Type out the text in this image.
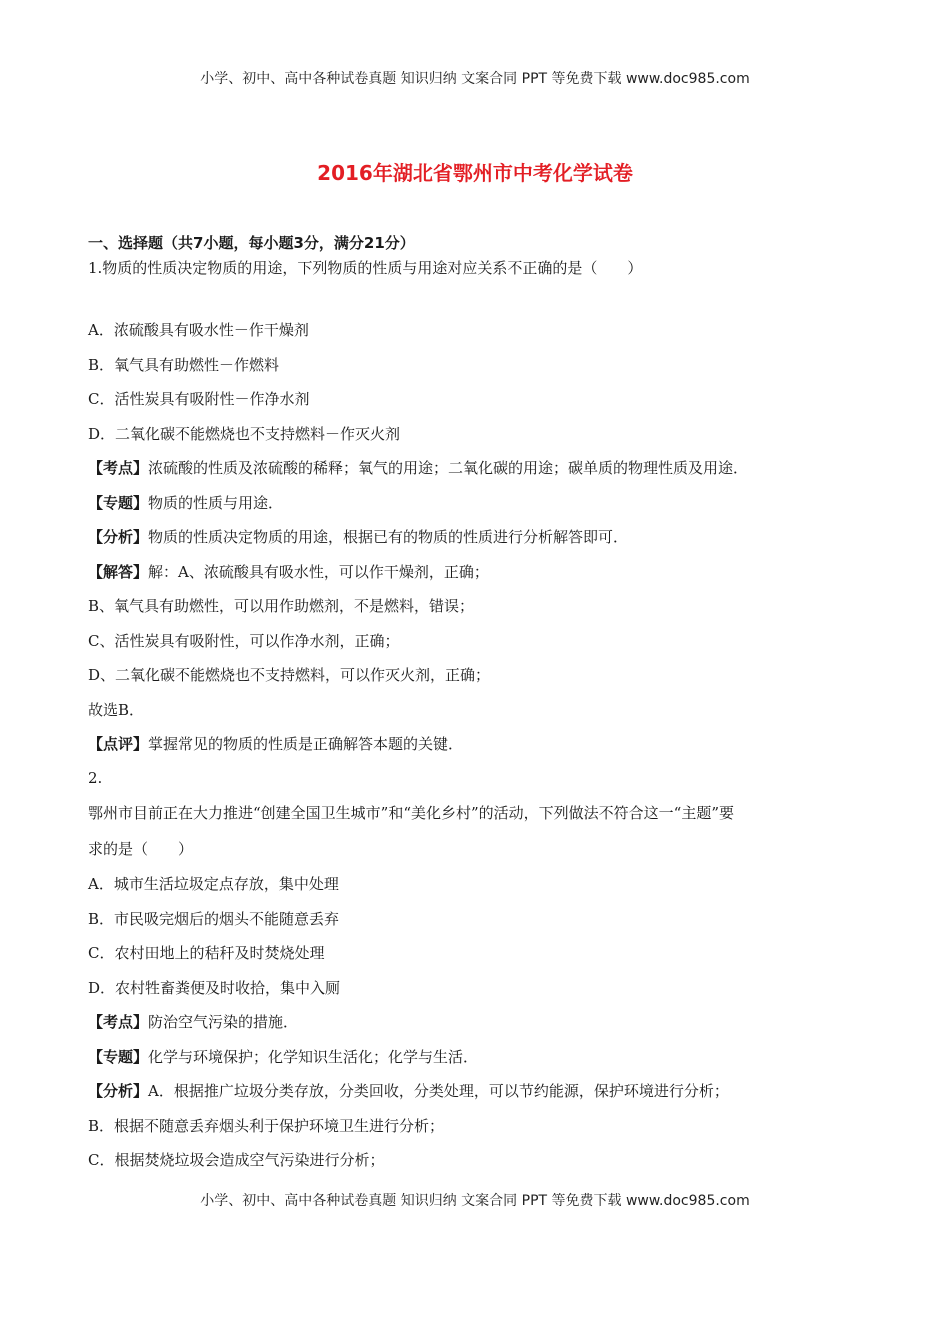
小学、初中、高中各种试卷真题 知识归纳 文案合同 PPT 等免费下载 www.doc985.com
2016年湖北省鄂州市中考化学试卷
一、选择题（共7小题，每小题3分，满分21分）
1.物质的性质决定物质的用途，下列物质的性质与用途对应关系不正确的是（　　）
A．浓硫酸具有吸水性－作干燥剂
B．氧气具有助燃性－作燃料
C．活性炭具有吸附性－作净水剂
D．二氧化碳不能燃烧也不支持燃料－作灭火剂
【考点】浓硫酸的性质及浓硫酸的稀释；氧气的用途；二氧化碳的用途；碳单质的物理性质及用途．
【专题】物质的性质与用途．
【分析】物质的性质决定物质的用途，根据已有的物质的性质进行分析解答即可．
【解答】解：A、浓硫酸具有吸水性，可以作干燥剂，正确；
B、氧气具有助燃性，可以用作助燃剂，不是燃料，错误；
C、活性炭具有吸附性，可以作净水剂，正确；
D、二氧化碳不能燃烧也不支持燃料，可以作灭火剂，正确；
故选B．
【点评】掌握常见的物质的性质是正确解答本题的关键．
2.
鄂州市目前正在大力推进“创建全国卫生城市”和“美化乡村”的活动，下列做法不符合这一“主题”要
求的是（　　）
A．城市生活垃圾定点存放，集中处理
B．市民吸完烟后的烟头不能随意丢弃
C．农村田地上的秸秆及时焚烧处理
D．农村牲畜粪便及时收拾，集中入厕
【考点】防治空气污染的措施．
【专题】化学与环境保护；化学知识生活化；化学与生活．
【分析】A．根据推广垃圾分类存放，分类回收，分类处理，可以节约能源，保护环境进行分析；
B．根据不随意丢弃烟头利于保护环境卫生进行分析；
C．根据焚烧垃圾会造成空气污染进行分析；
小学、初中、高中各种试卷真题 知识归纳 文案合同 PPT 等免费下载 www.doc985.com
